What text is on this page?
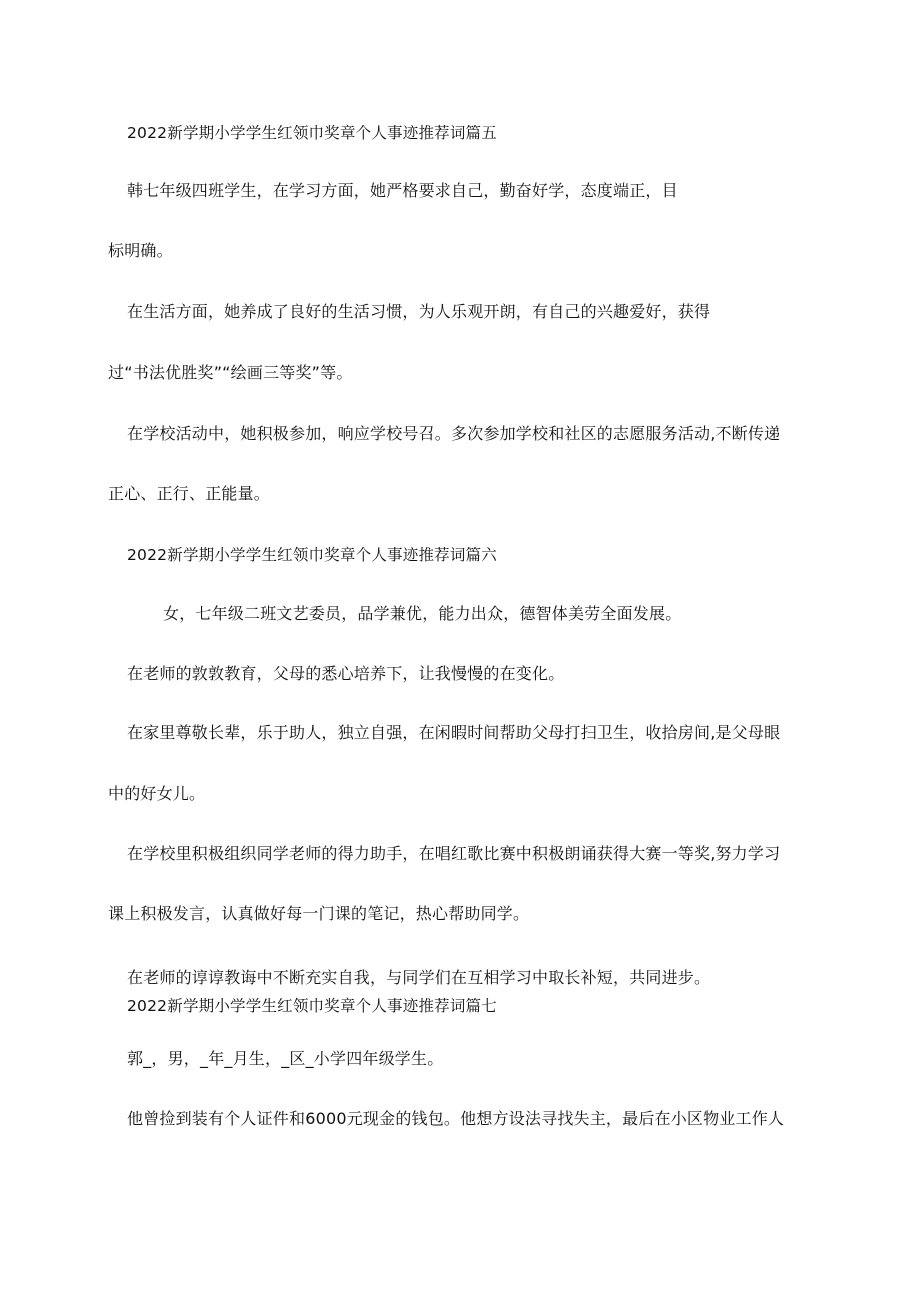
2022新学期小学学生红领巾奖章个人事迹推荐词篇五
韩七年级四班学生，在学习方面，她严格要求自己，勤奋好学，态度端正，目
标明确。
在生活方面，她养成了良好的生活习惯，为人乐观开朗，有自己的兴趣爱好，获得
过“书法优胜奖”“绘画三等奖”等。
在学校活动中，她积极参加，响应学校号召。多次参加学校和社区的志愿服务活动,不断传递
正心、正行、正能量。
2022新学期小学学生红领巾奖章个人事迹推荐词篇六
女，七年级二班文艺委员，品学兼优，能力出众，德智体美劳全面发展。
在老师的敦敦教育，父母的悉心培养下，让我慢慢的在变化。
在家里尊敬长辈，乐于助人，独立自强，在闲暇时间帮助父母打扫卫生，收拾房间,是父母眼
中的好女儿。
在学校里积极组织同学老师的得力助手，在唱红歌比赛中积极朗诵获得大赛一等奖,努力学习
课上积极发言，认真做好每一门课的笔记，热心帮助同学。
在老师的谆谆教诲中不断充实自我，与同学们在互相学习中取长补短，共同进步。
2022新学期小学学生红领巾奖章个人事迹推荐词篇七
郭_，男，_年_月生，_区_小学四年级学生。
他曾捡到装有个人证件和6000元现金的钱包。他想方设法寻找失主，最后在小区物业工作人
